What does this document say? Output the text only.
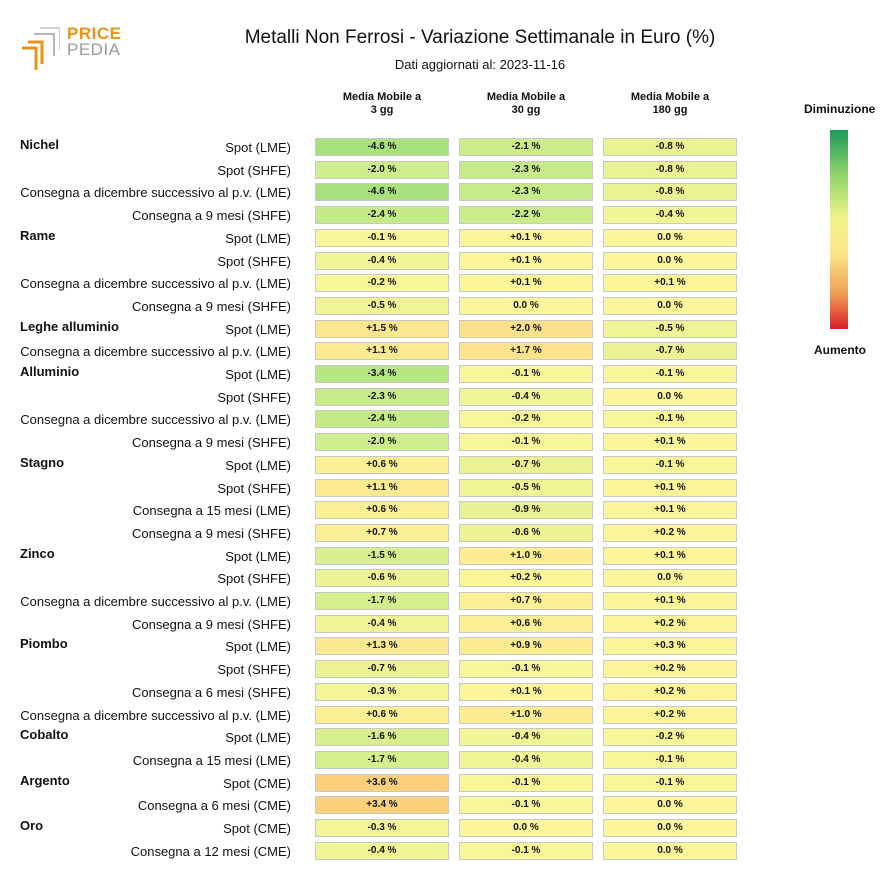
PRICE
PEDIA
Metalli Non Ferrosi - Variazione Settimanale in Euro (%)
Dati aggiornati al: 2023-11-16
Media Mobile a
3 gg
Media Mobile a
30 gg
Media Mobile a
180 gg
Nichel	Spot (LME)	-4.6 %	-2.1 %	-0.8 %
Spot (SHFE)	-2.0 %	-2.3 %	-0.8 %
Consegna a dicembre successivo al p.v. (LME)	-4.6 %	-2.3 %	-0.8 %
Consegna a 9 mesi (SHFE)	-2.4 %	-2.2 %	-0.4 %
Rame	Spot (LME)	-0.1 %	+0.1 %	0.0 %
Spot (SHFE)	-0.4 %	+0.1 %	0.0 %
Consegna a dicembre successivo al p.v. (LME)	-0.2 %	+0.1 %	+0.1 %
Consegna a 9 mesi (SHFE)	-0.5 %	0.0 %	0.0 %
Leghe alluminio	Spot (LME)	+1.5 %	+2.0 %	-0.5 %
Consegna a dicembre successivo al p.v. (LME)	+1.1 %	+1.7 %	-0.7 %
Alluminio	Spot (LME)	-3.4 %	-0.1 %	-0.1 %
Spot (SHFE)	-2.3 %	-0.4 %	0.0 %
Consegna a dicembre successivo al p.v. (LME)	-2.4 %	-0.2 %	-0.1 %
Consegna a 9 mesi (SHFE)	-2.0 %	-0.1 %	+0.1 %
Stagno	Spot (LME)	+0.6 %	-0.7 %	-0.1 %
Spot (SHFE)	+1.1 %	-0.5 %	+0.1 %
Consegna a 15 mesi (LME)	+0.6 %	-0.9 %	+0.1 %
Consegna a 9 mesi (SHFE)	+0.7 %	-0.6 %	+0.2 %
Zinco	Spot (LME)	-1.5 %	+1.0 %	+0.1 %
Spot (SHFE)	-0.6 %	+0.2 %	0.0 %
Consegna a dicembre successivo al p.v. (LME)	-1.7 %	+0.7 %	+0.1 %
Consegna a 9 mesi (SHFE)	-0.4 %	+0.6 %	+0.2 %
Piombo	Spot (LME)	+1.3 %	+0.9 %	+0.3 %
Spot (SHFE)	-0.7 %	-0.1 %	+0.2 %
Consegna a 6 mesi (SHFE)	-0.3 %	+0.1 %	+0.2 %
Consegna a dicembre successivo al p.v. (LME)	+0.6 %	+1.0 %	+0.2 %
Cobalto	Spot (LME)	-1.6 %	-0.4 %	-0.2 %
Consegna a 15 mesi (LME)	-1.7 %	-0.4 %	-0.1 %
Argento	Spot (CME)	+3.6 %	-0.1 %	-0.1 %
Consegna a 6 mesi (CME)	+3.4 %	-0.1 %	0.0 %
Oro	Spot (CME)	-0.3 %	0.0 %	0.0 %
Consegna a 12 mesi (CME)	-0.4 %	-0.1 %	0.0 %
Diminuzione
Aumento
